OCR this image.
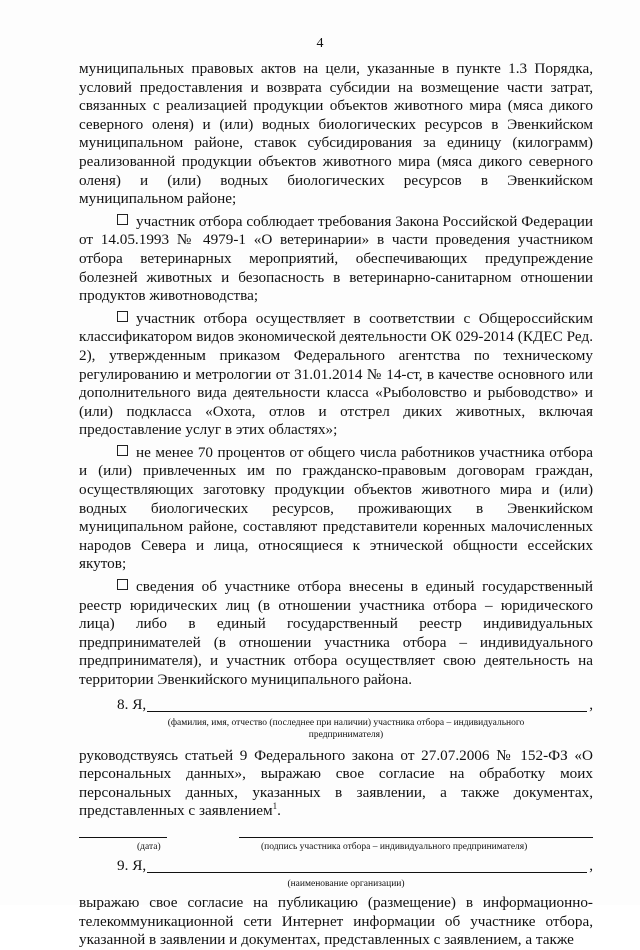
4

муниципальных правовых актов на цели, указанные в пункте 1.3 Порядка, условий предоставления и возврата субсидии на возмещение части затрат, связанных с реализацией продукции объектов животного мира (мяса дикого северного оленя) и (или) водных биологических ресурсов в Эвенкийском муниципальном районе, ставок субсидирования за единицу (килограмм) реализованной продукции объектов животного мира (мяса дикого северного оленя) и (или) водных биологических ресурсов в Эвенкийском муниципальном районе;

участник отбора соблюдает требования Закона Российской Федерации от 14.05.1993 № 4979-1 «О ветеринарии» в части проведения участником отбора ветеринарных мероприятий, обеспечивающих предупреждение болезней животных и безопасность в ветеринарно-санитарном отношении продуктов животноводства;

участник отбора осуществляет в соответствии с Общероссийским классификатором видов экономической деятельности ОК 029-2014 (КДЕС Ред. 2), утвержденным приказом Федерального агентства по техническому регулированию и метрологии от 31.01.2014 № 14-ст, в качестве основного или дополнительного вида деятельности класса «Рыболовство и рыбоводство» и (или) подкласса «Охота, отлов и отстрел диких животных, включая предоставление услуг в этих областях»;

не менее 70 процентов от общего числа работников участника отбора и (или) привлеченных им по гражданско-правовым договорам граждан, осуществляющих заготовку продукции объектов животного мира и (или) водных биологических ресурсов, проживающих в Эвенкийском муниципальном районе, составляют представители коренных малочисленных народов Севера и лица, относящиеся к этнической общности ессейских якутов;

сведения об участнике отбора внесены в единый государственный реестр юридических лиц (в отношении участника отбора – юридического лица) либо в единый государственный реестр индивидуальных предпринимателей (в отношении участника отбора – индивидуального предпринимателя), и участник отбора осуществляет свою деятельность на территории Эвенкийского муниципального района.

8. Я,	,
(фамилия, имя, отчество (последнее при наличии) участника отбора – индивидуального предпринимателя)

руководствуясь статьей 9 Федерального закона от 27.07.2006 № 152-ФЗ «О персональных данных», выражаю свое согласие на обработку моих персональных данных, указанных в заявлении, а также документах, представленных с заявлением$^1$.

(дата)	(подпись участника отбора – индивидуального предпринимателя)
9. Я,	,
(наименование организации)

выражаю свое согласие на публикацию (размещение) в информационно-телекоммуникационной сети Интернет информации об участнике отбора, указанной в заявлении и документах, представленных с заявлением, а также
